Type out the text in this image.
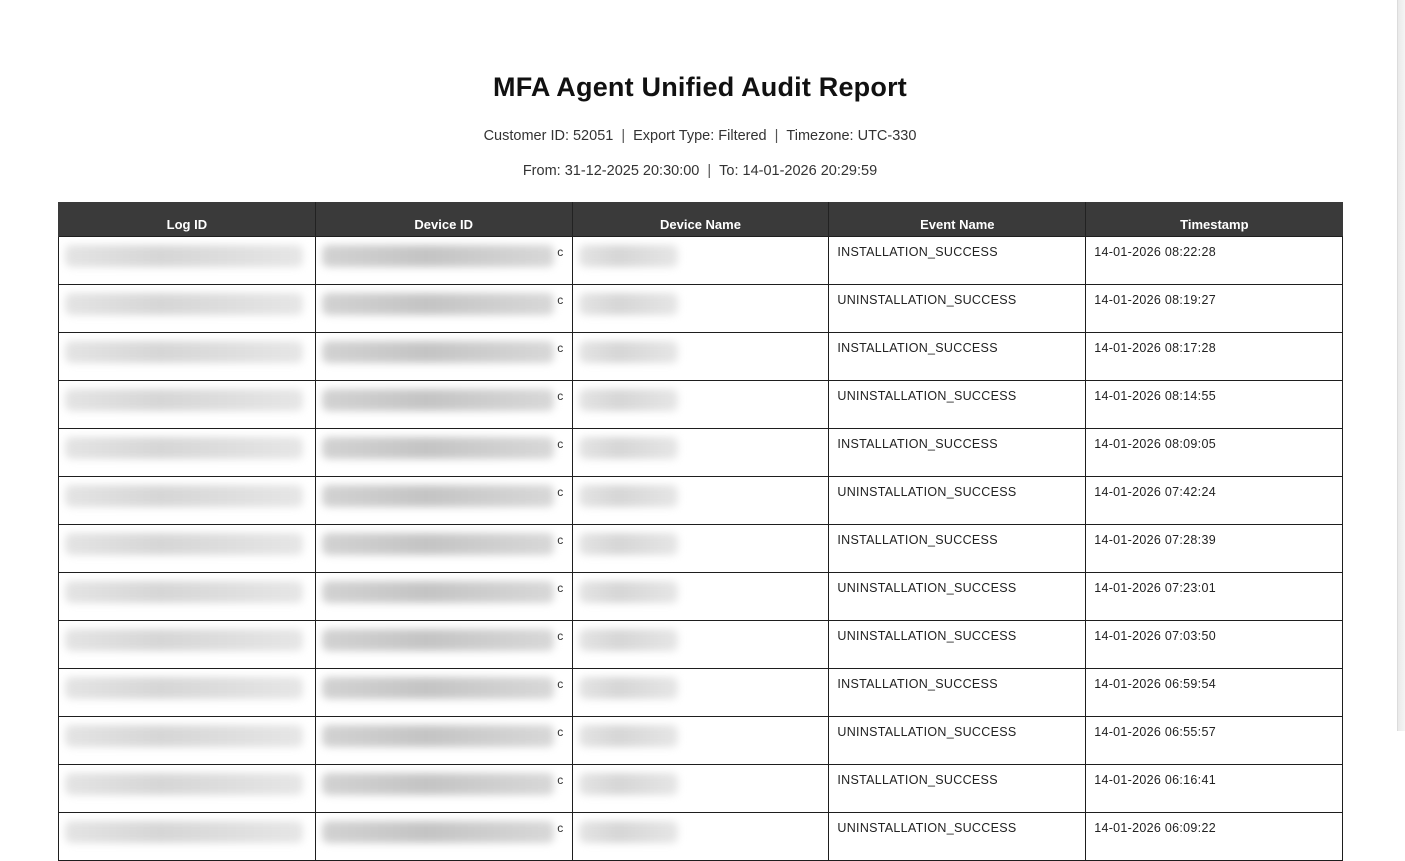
MFA Agent Unified Audit Report
Customer ID: 52051 | Export Type: Filtered | Timezone: UTC-330
From: 31-12-2025 20:30:00 | To: 14-01-2026 20:29:59
Log ID	Device ID	Device Name	Event Name	Timestamp

	c		INSTALLATION_SUCCESS	14-01-2026 08:22:28

	c		UNINSTALLATION_SUCCESS	14-01-2026 08:19:27

	c		INSTALLATION_SUCCESS	14-01-2026 08:17:28

	c		UNINSTALLATION_SUCCESS	14-01-2026 08:14:55

	c		INSTALLATION_SUCCESS	14-01-2026 08:09:05

	c		UNINSTALLATION_SUCCESS	14-01-2026 07:42:24

	c		INSTALLATION_SUCCESS	14-01-2026 07:28:39

	c		UNINSTALLATION_SUCCESS	14-01-2026 07:23:01

	c		UNINSTALLATION_SUCCESS	14-01-2026 07:03:50

	c		INSTALLATION_SUCCESS	14-01-2026 06:59:54

	c		UNINSTALLATION_SUCCESS	14-01-2026 06:55:57

	c		INSTALLATION_SUCCESS	14-01-2026 06:16:41

	c		UNINSTALLATION_SUCCESS	14-01-2026 06:09:22
